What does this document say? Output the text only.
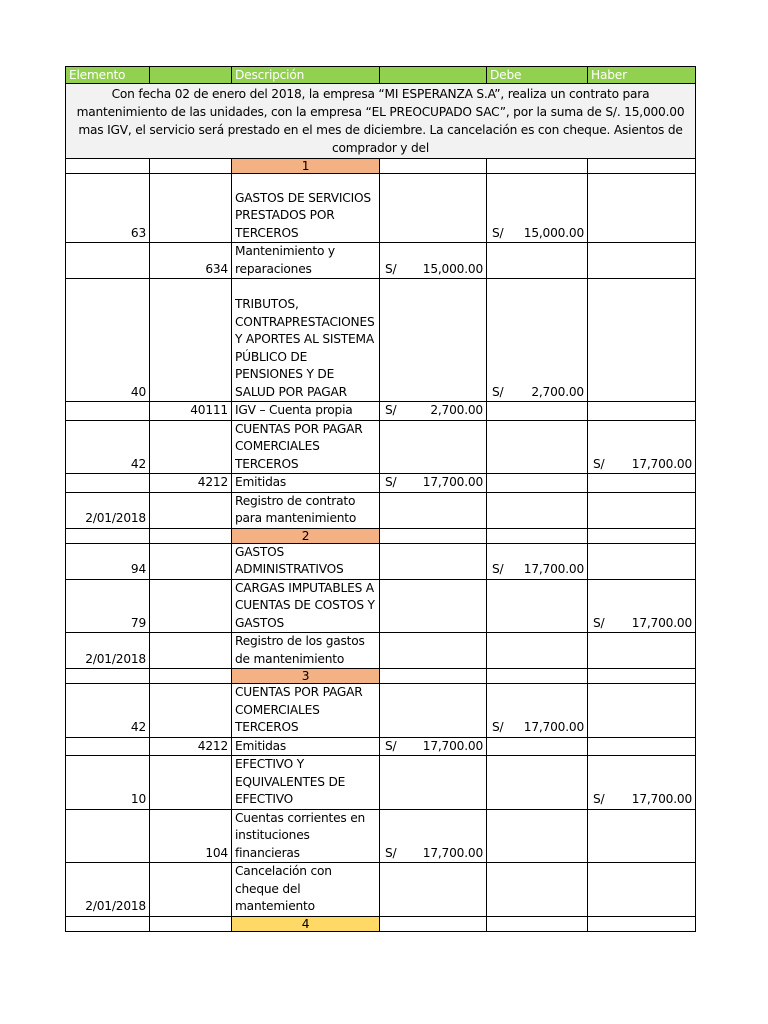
Elemento		Descripción		Debe	Haber
Con fecha 02 de enero del 2018, la empresa “MI ESPERANZA S.A”, realiza un contrato para mantenimiento de las unidades, con la empresa “EL PREOCUPADO SAC”, por la suma de S/. 15,000.00 mas IGV, el servicio será prestado en el mes de diciembre. La cancelación es con cheque. Asientos de comprador y del					
		1			
63		GASTOS DE SERVICIOS PRESTADOS POR TERCEROS		S/ 15,000.00	

	634	Mantenimiento y reparaciones	S/ 15,000.00		

40		TRIBUTOS, CONTRAPRESTACIONES Y APORTES AL SISTEMA PÚBLICO DE PENSIONES Y DE SALUD POR PAGAR		S/ 2,700.00	

	40111	IGV – Cuenta propia	S/ 2,700.00		

42		CUENTAS POR PAGAR COMERCIALES TERCEROS			S/ 17,700.00

	4212	Emitidas	S/ 17,700.00		

2/01/2018		Registro de contrato para mantenimiento			
		2			
94		GASTOS ADMINISTRATIVOS		S/ 17,700.00	

79		CARGAS IMPUTABLES A CUENTAS DE COSTOS Y GASTOS			S/ 17,700.00

2/01/2018		Registro de los gastos de mantenimiento			
		3			
42		CUENTAS POR PAGAR COMERCIALES TERCEROS		S/ 17,700.00	

	4212	Emitidas	S/ 17,700.00		

10		EFECTIVO Y EQUIVALENTES DE EFECTIVO			S/ 17,700.00

	104	Cuentas corrientes en instituciones financieras	S/ 17,700.00		

2/01/2018		Cancelación con cheque del mantemiento			
		4			
